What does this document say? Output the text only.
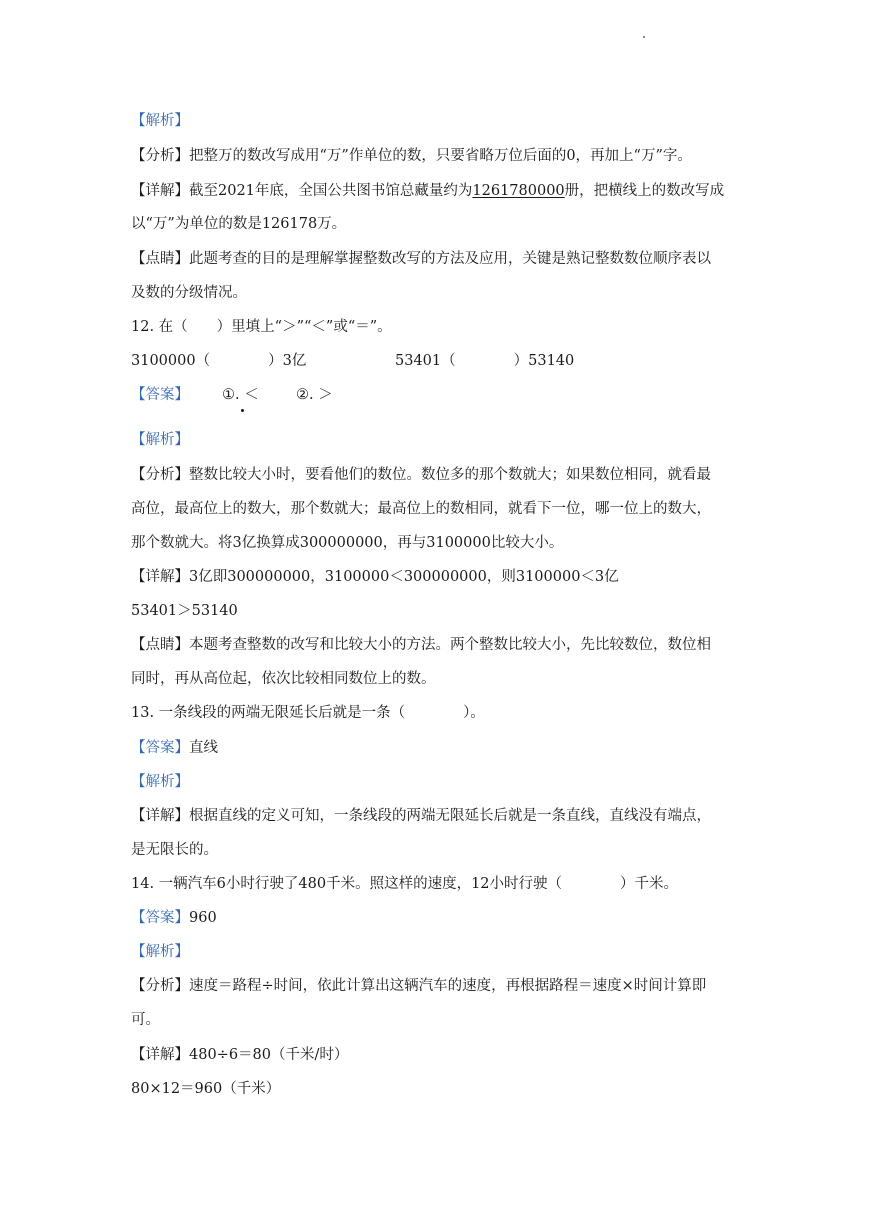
【解析】
【分析】把整万的数改写成用“万”作单位的数，只要省略万位后面的0，再加上“万”字。
【详解】截至2021年底，全国公共图书馆总藏量约为1261780000册，把横线上的数改写成
以“万”为单位的数是126178万。
【点睛】此题考查的目的是理解掌握整数改写的方法及应用，关键是熟记整数数位顺序表以
及数的分级情况。
12. 在（　　）里填上“＞”“＜”或“＝”。
3100000（　　　　）3亿	53401（　　　　）53140
【答案】 ①. ＜	②. ＞
【解析】
【分析】整数比较大小时，要看他们的数位。数位多的那个数就大；如果数位相同，就看最
高位，最高位上的数大，那个数就大；最高位上的数相同，就看下一位，哪一位上的数大，
那个数就大。将3亿换算成300000000，再与3100000比较大小。
【详解】3亿即300000000，3100000＜300000000，则3100000＜3亿
53401＞53140
【点睛】本题考查整数的改写和比较大小的方法。两个整数比较大小，先比较数位，数位相
同时，再从高位起，依次比较相同数位上的数。
13. 一条线段的两端无限延长后就是一条（　　　　）。
【答案】直线
【解析】
【详解】根据直线的定义可知，一条线段的两端无限延长后就是一条直线，直线没有端点，
是无限长的。
14. 一辆汽车6小时行驶了480千米。照这样的速度，12小时行驶（　　　　）千米。
【答案】960
【解析】
【分析】速度＝路程÷时间，依此计算出这辆汽车的速度，再根据路程＝速度×时间计算即
可。
【详解】480÷6＝80（千米/时）
80×12＝960（千米）
